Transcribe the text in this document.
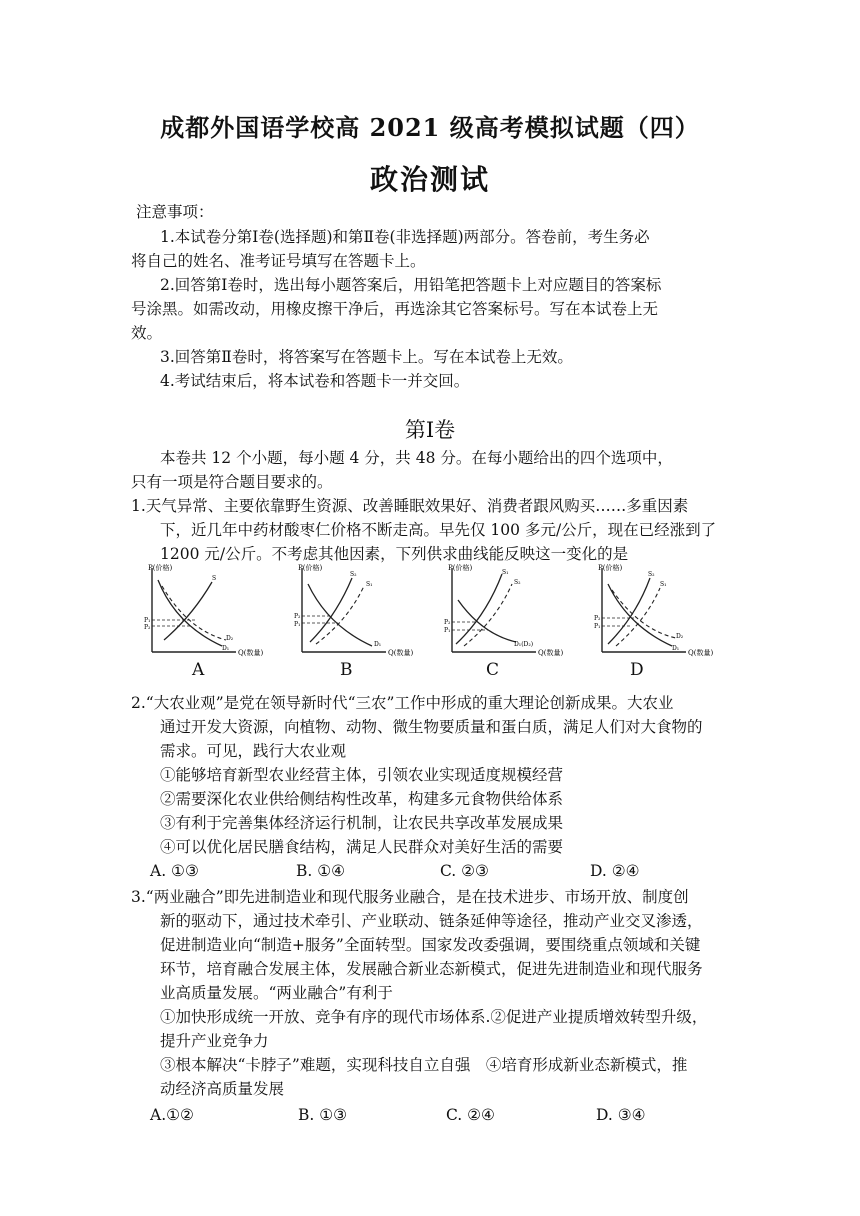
成都外国语学校高 2021 级高考模拟试题（四）
政治测试
注意事项：
1.本试卷分第Ⅰ卷(选择题)和第Ⅱ卷(非选择题)两部分。答卷前，考生务必
将自己的姓名、准考证号填写在答题卡上。
2.回答第Ⅰ卷时，选出每小题答案后，用铅笔把答题卡上对应题目的答案标
号涂黑。如需改动，用橡皮擦干净后，再选涂其它答案标号。写在本试卷上无
效。
3.回答第Ⅱ卷时，将答案写在答题卡上。写在本试卷上无效。
4.考试结束后，将本试卷和答题卡一并交回。
第Ⅰ卷
本卷共 12 个小题，每小题 4 分，共 48 分。在每小题给出的四个选项中，
只有一项是符合题目要求的。
1.天气异常、主要依靠野生资源、改善睡眠效果好、消费者跟风购买……多重因素
下，近几年中药材酸枣仁价格不断走高。早先仅 100 多元/公斤，现在已经涨到了
1200 元/公斤。不考虑其他因素，下列供求曲线能反映这一变化的是
P(价格)
Q(数量)
P₁
P₂
S
D₂
D₁
A
P(价格)
Q(数量)
P₂
P₁
S₂
S₁
D₁
B
P(价格)
Q(数量)
P₂
P₁
S₁
S₂
D₁(D₂)
C
P(价格)
Q(数量)
P₂
P₁
S₂
S₁
D₂
D₁
D
2.“大农业观”是党在领导新时代“三农”工作中形成的重大理论创新成果。大农业
通过开发大资源，向植物、动物、微生物要质量和蛋白质，满足人们对大食物的
需求。可见，践行大农业观
①能够培育新型农业经营主体，引领农业实现适度规模经营
②需要深化农业供给侧结构性改革，构建多元食物供给体系
③有利于完善集体经济运行机制，让农民共享改革发展成果
④可以优化居民膳食结构，满足人民群众对美好生活的需要
A. ①③	B. ①④	C. ②③	D. ②④
3.“两业融合”即先进制造业和现代服务业融合，是在技术进步、市场开放、制度创
新的驱动下，通过技术牵引、产业联动、链条延伸等途径，推动产业交叉渗透，
促进制造业向“制造+服务”全面转型。国家发改委强调，要围绕重点领域和关键
环节，培育融合发展主体，发展融合新业态新模式，促进先进制造业和现代服务
业高质量发展。“两业融合”有利于
①加快形成统一开放、竞争有序的现代市场体系.②促进产业提质增效转型升级，
提升产业竞争力
③根本解决“卡脖子”难题，实现科技自立自强　④培育形成新业态新模式，推
动经济高质量发展
A.①②	B. ①③	C. ②④	D. ③④
